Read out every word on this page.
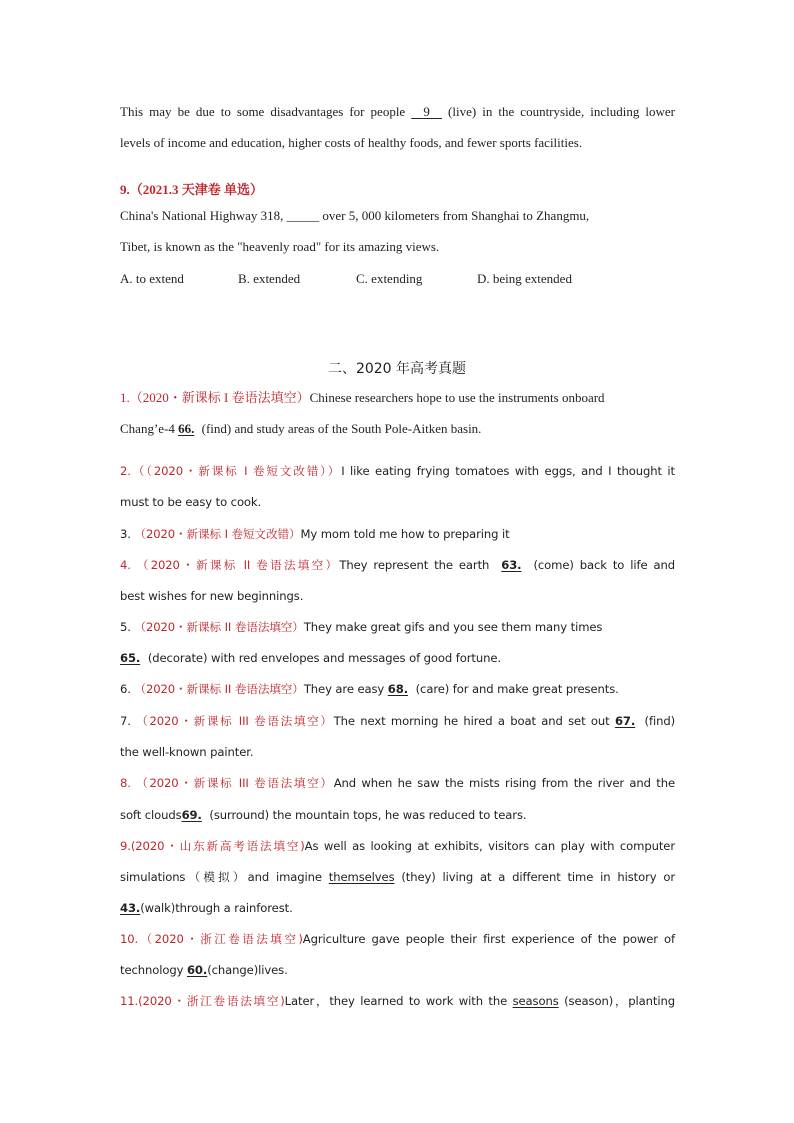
This may be due to some disadvantages for people   9   (live) in the countryside, including lower
levels of income and education, higher costs of healthy foods, and fewer sports facilities.
9.（2021.3 天津卷 单选）
China's National Highway 318, _____ over 5, 000 kilometers from Shanghai to Zhangmu,
Tibet, is known as the "heavenly road" for its amazing views.
A. to extend	B. extended	C. extending	D. being extended
二、2020 年高考真题
1.（2020・新课标 I 卷语法填空）Chinese researchers hope to use the instruments onboard
Chang’e-4 66. (find) and study areas of the South Pole-Aitken basin.
2.（（2020・新课标 I 卷短文改错））I like eating frying tomatoes with eggs, and I thought it
must to be easy to cook.
3. （2020・新课标 I 卷短文改错）My mom told me how to preparing it
4. （2020・新课标 II 卷语法填空）They represent the earth 63. (come) back to life and
best wishes for new beginnings.
5. （2020・新课标 II 卷语法填空）They make great gifs and you see them many times
65. (decorate) with red envelopes and messages of good fortune.
6. （2020・新课标 II 卷语法填空）They are easy 68. (care) for and make great presents.
7. （2020・新课标 III 卷语法填空）The next morning he hired a boat and set out 67. (find)
the well-known painter.
8. （2020・新课标 III 卷语法填空）And when he saw the mists rising from the river and the
soft clouds69. (surround) the mountain tops, he was reduced to tears.
9.(2020・山东新高考语法填空)As well as looking at exhibits, visitors can play with computer
simulations（模拟）and imagine themselves (they) living at a different time in history or
43.(walk)through a rainforest.
10.（2020・浙江卷语法填空)Agriculture gave people their first experience of the power of
technology 60.(change)lives.
11.(2020・浙江卷语法填空)Later，they learned to work with the seasons (season)，planting
